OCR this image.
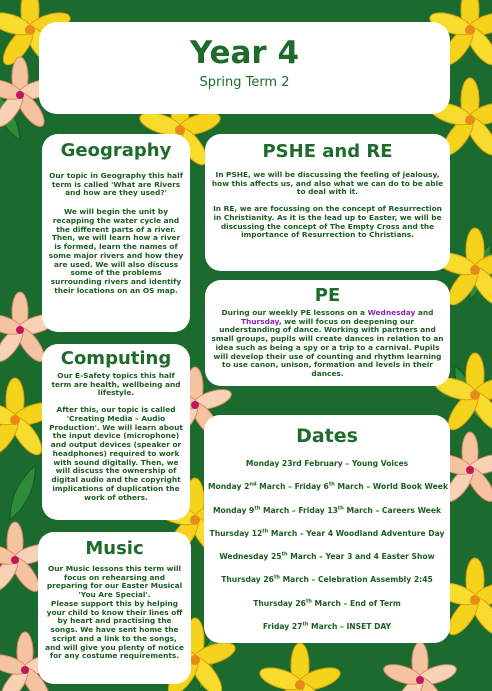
Year 4
Spring Term 2
Geography

Our topic in Geography this half term is called 'What are Rivers and how are they used?'

We will begin the unit by recapping the water cycle and the different parts of a river. Then, we will learn how a river is formed, learn the names of some major rivers and how they are used. We will also discuss some of the problems surrounding rivers and identify their locations on an OS map.

PSHE and RE

In PSHE, we will be discussing the feeling of jealousy, how this affects us, and also what we can do to be able to deal with it.

In RE, we are focussing on the concept of Resurrection in Christianity. As it is the lead up to Easter, we will be discussing the concept of The Empty Cross and the importance of Resurrection to Christians.

PE
During our weekly PE lessons on a Wednesday and Thursday, we will focus on deepening our understanding of dance. Working with partners and small groups, pupils will create dances in relation to an idea such as being a spy or a trip to a carnival. Pupils will develop their use of counting and rhythm learning to use canon, unison, formation and levels in their dances.
Computing

Our E-Safety topics this half term are health, wellbeing and lifestyle.

After this, our topic is called 'Creating Media – Audio Production'. We will learn about the input device (microphone) and output devices (speaker or headphones) required to work with sound digitally. Then, we will discuss the ownership of digital audio and the copyright implications of duplication the work of others.

Music

Our Music lessons this term will focus on rehearsing and preparing for our Easter Musical 'You Are Special'.

Please support this by helping your child to know their lines off by heart and practising the songs. We have sent home the script and a link to the songs, and will give you plenty of notice for any costume requirements.

Dates
Monday 23rd February – Young Voices
Monday 2nd March – Friday 6th March – World Book Week
Monday 9th March – Friday 13th March – Careers Week
Thursday 12th March – Year 4 Woodland Adventure Day
Wednesday 25th March – Year 3 and 4 Easter Show
Thursday 26th March – Celebration Assembly 2:45
Thursday 26th March – End of Term
Friday 27th March – INSET DAY
